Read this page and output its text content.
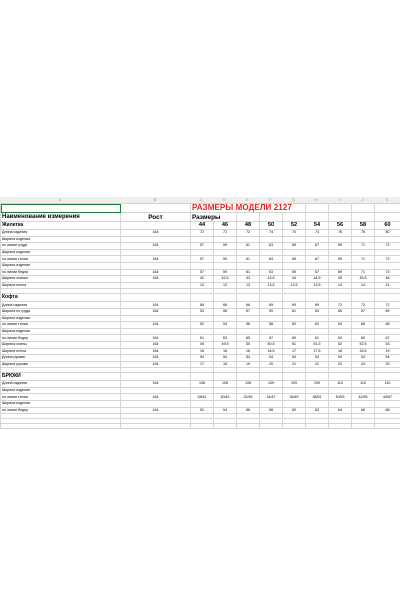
A	B	C	D	E	F	G	H	I	J	K
		РАЗМЕРЫ МОДЕЛИ 2127								
Наименование измерения	Рост	Размеры								
Жилетка		44	46	48	50	52	54	56	58	60
Длина изделия	164	72	72	72	74	74	74	76	76	80
Ширина изделия										
по линии груди	164	57	59	61	63	65	67	69	71	73
Ширина изделия										
по линии талии	164	57	59	61	63	65	67	69	71	73
Ширина изделия										
по линии бедер	164	57	59	61	63	65	67	69	71	73
Ширина спинки	164	42	42.5	43	43.5	44	44.5	45	45.5	46
Ширина плеча		13	13	13	13.5	13.5	13.5	14	14	14

Кофта										
Длина изделия	164	66	66	66	69	69	69	72	72	72
Ширина по груди	164	53	55	57	59	61	63	65	67	69
Ширина изделия										
по линии талии	164	52	54	56	58	60	62	64	66	68
Ширина изделия										
по линии бедер	164	61	63	65	67	69	61	63	65	67
Ширина спины	164	49	49.5	50	50.5	51	51.5	52	52.5	53
Ширина плеча	164	16	16	16	16.5	17	17.5	18	18.5	19
Длина рукава	164	54	54	54	54	54	54	54	54	54
Ширина рукава	164	17	18	19	20	21	22	23	24	25

БРЮКИ										
Длина изделия	164	108	108	108	109	109	109	110	110	110
Ширина изделия										
по линии талии	164	28/41	30/43	32/45	34/47	36/49	38/51	40/53	42/55	44/57
Ширина изделия										
по линии бедер	164	52	54	56	58	60	62	64	66	68
